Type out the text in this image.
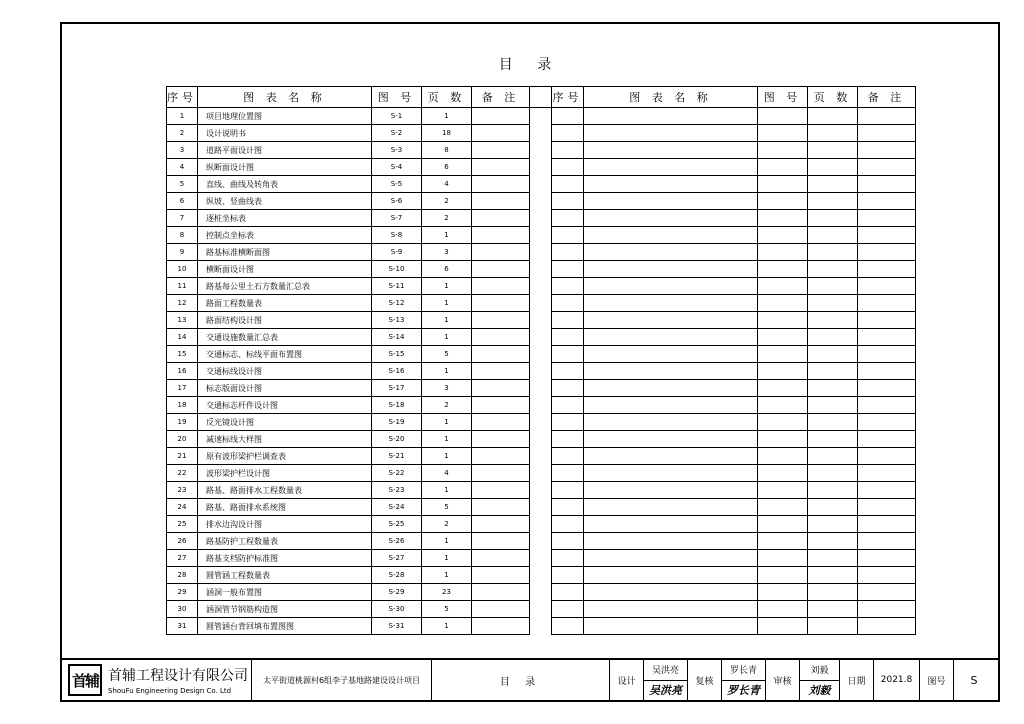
目 录
序号	图 表 名 称	图 号	页 数	备 注		序号	图 表 名 称	图 号	页 数	备 注
1	项目地理位置图	S-1	1							
2	设计说明书	S-2	18							
3	道路平面设计图	S-3	8							
4	纵断面设计图	S-4	6							
5	直线、曲线及转角表	S-5	4							
6	纵坡、竖曲线表	S-6	2							
7	逐桩坐标表	S-7	2							
8	控制点坐标表	S-8	1							
9	路基标准横断面图	S-9	3							
10	横断面设计图	S-10	6							
11	路基每公里土石方数量汇总表	S-11	1							
12	路面工程数量表	S-12	1							
13	路面结构设计图	S-13	1							
14	交通设施数量汇总表	S-14	1							
15	交通标志、标线平面布置图	S-15	5							
16	交通标线设计图	S-16	1							
17	标志版面设计图	S-17	3							
18	交通标志杆件设计图	S-18	2							
19	反光镜设计图	S-19	1							
20	减速标线大样图	S-20	1							
21	原有波形梁护栏调查表	S-21	1							
22	波形梁护栏设计图	S-22	4							
23	路基、路面排水工程数量表	S-23	1							
24	路基、路面排水系统图	S-24	5							
25	排水边沟设计图	S-25	2							
26	路基防护工程数量表	S-26	1							
27	路基支档防护标准图	S-27	1							
28	圆管涵工程数量表	S-28	1							
29	涵洞一般布置图	S-29	23							
30	涵洞管节钢筋构造图	S-30	5							
31	圆管涵台背回填布置图图	S-31	1							
首辅 首辅工程设计有限公司
ShouFu Engineering Design Co. Ltd
太平街道桃源村6组李子基地路建设设计项目	目 录	设计
吴洪亮
吴洪亮
复核
罗长青
罗长青
审核
刘毅
刘毅
日期	2021.8	图号	S
